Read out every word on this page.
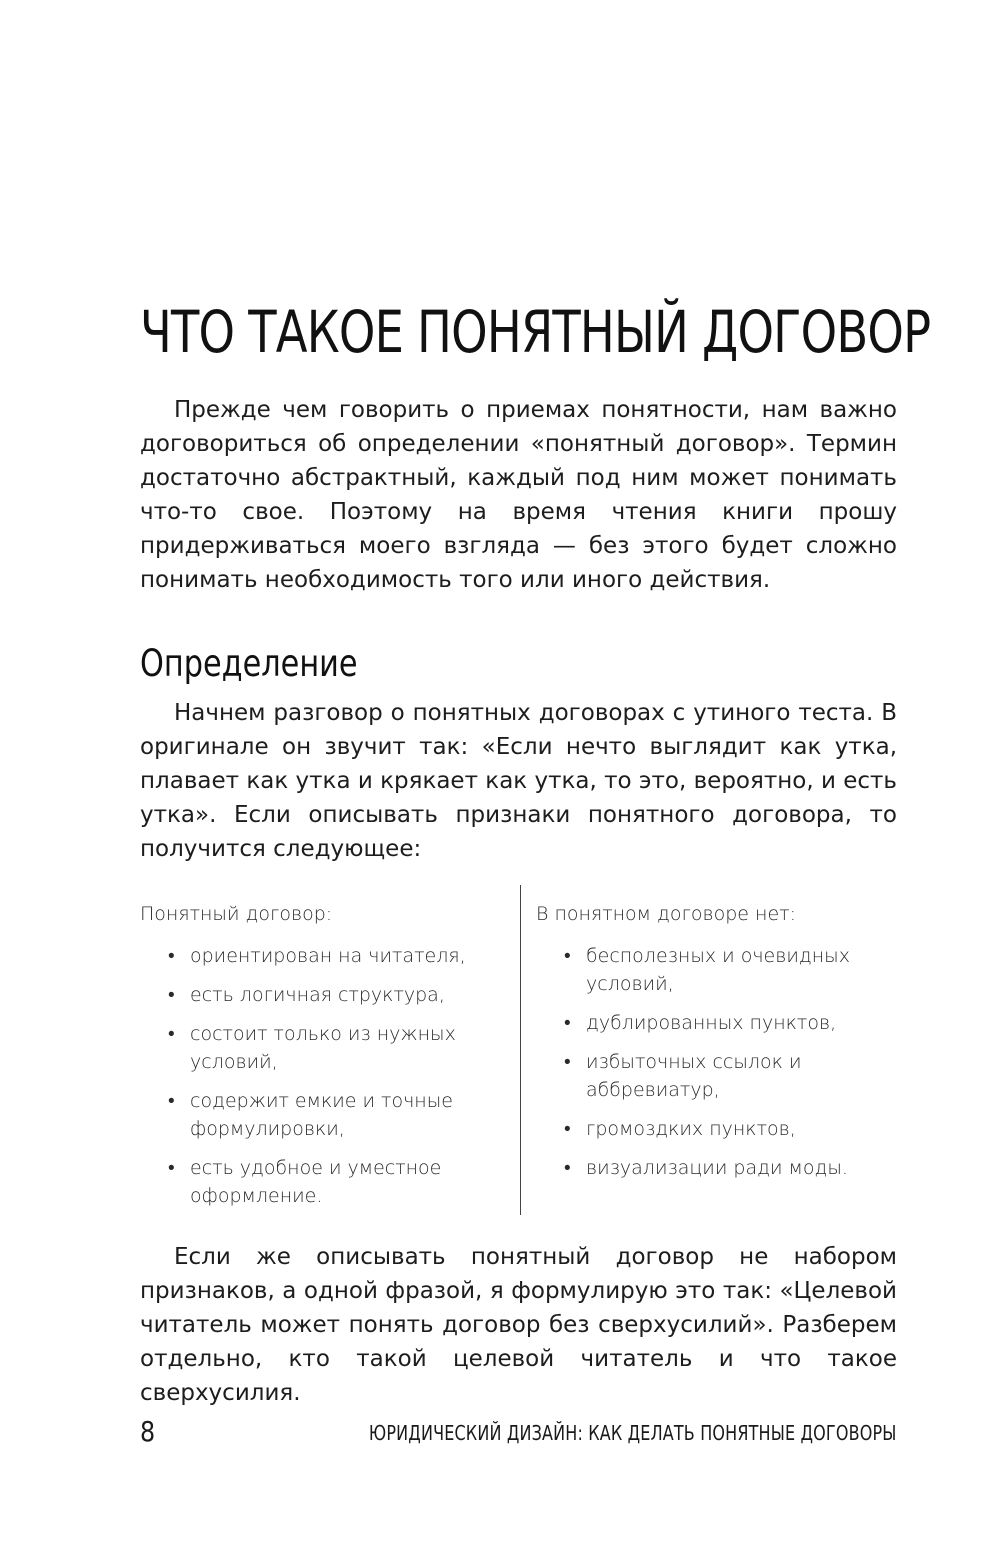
ЧТО ТАКОЕ ПОНЯТНЫЙ ДОГОВОР

Прежде чем говорить о приемах понятности, нам важно договориться об определении «понятный договор». Термин достаточно абстрактный, каждый под ним может понимать что-то свое. Поэтому на время чтения книги прошу придерживаться моего взгляда — без этого будет сложно понимать необходимость того или иного действия.

Определение

Начнем разговор о понятных договорах с утиного теста. В оригинале он звучит так: «Если нечто выглядит как утка, плавает как утка и крякает как утка, то это, вероятно, и есть утка». Если описывать признаки понятного договора, то получится следующее:

Понятный договор:
• ориентирован на читателя,
• есть логичная структура,
• состоит только из нужных условий,
• содержит емкие и точные формулировки,
• есть удобное и уместное оформление.
В понятном договоре нет:
• бесполезных и очевидных условий,
• дублированных пунктов,
• избыточных ссылок и аббревиатур,
• громоздких пунктов,
• визуализации ради моды.

Если же описывать понятный договор не набором признаков, а одной фразой, я формулирую это так: «Целевой читатель может понять договор без сверхусилий». Разберем отдельно, кто такой целевой читатель и что такое сверхусилия.

8	ЮРИДИЧЕСКИЙ ДИЗАЙН: КАК ДЕЛАТЬ ПОНЯТНЫЕ ДОГОВОРЫ
